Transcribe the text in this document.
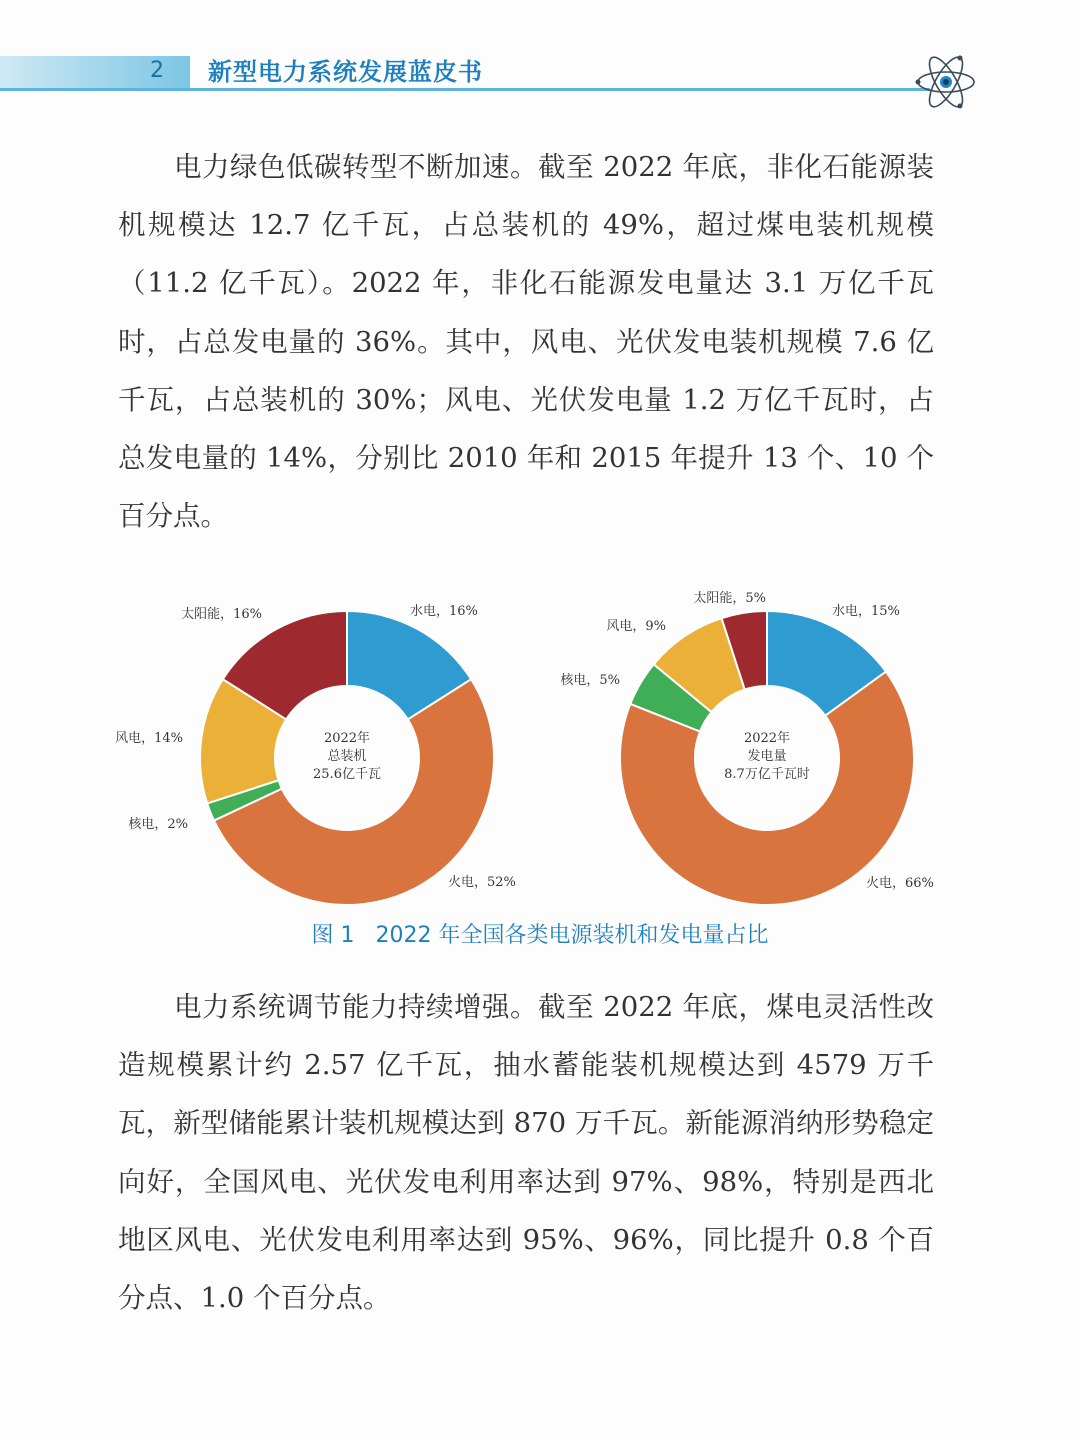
2 新型电力系统发展蓝皮书

电力绿色低碳转型不断加速。截至 2022 年底，非化石能源装机规模达 12.7 亿千瓦，占总装机的 49%，超过煤电装机规模（11.2 亿千瓦）。2022 年，非化石能源发电量达 3.1 万亿千瓦时，占总发电量的 36%。其中，风电、光伏发电装机规模 7.6 亿千瓦，占总装机的 30%；风电、光伏发电量 1.2 万亿千瓦时，占总发电量的 14%，分别比 2010 年和 2015 年提升 13 个、10 个百分点。

水电，16%
火电，52%
核电，2%
风电，14%
太阳能，16%
2022年
总装机
25.6亿千瓦
水电，15%
火电，66%
核电，5%
风电，9%
太阳能，5%
2022年
发电量
8.7万亿千瓦时
图 1   2022 年全国各类电源装机和发电量占比

电力系统调节能力持续增强。截至 2022 年底，煤电灵活性改造规模累计约 2.57 亿千瓦，抽水蓄能装机规模达到 4579 万千瓦，新型储能累计装机规模达到 870 万千瓦。新能源消纳形势稳定向好，全国风电、光伏发电利用率达到 97%、98%，特别是西北地区风电、光伏发电利用率达到 95%、96%，同比提升 0.8 个百分点、1.0 个百分点。
